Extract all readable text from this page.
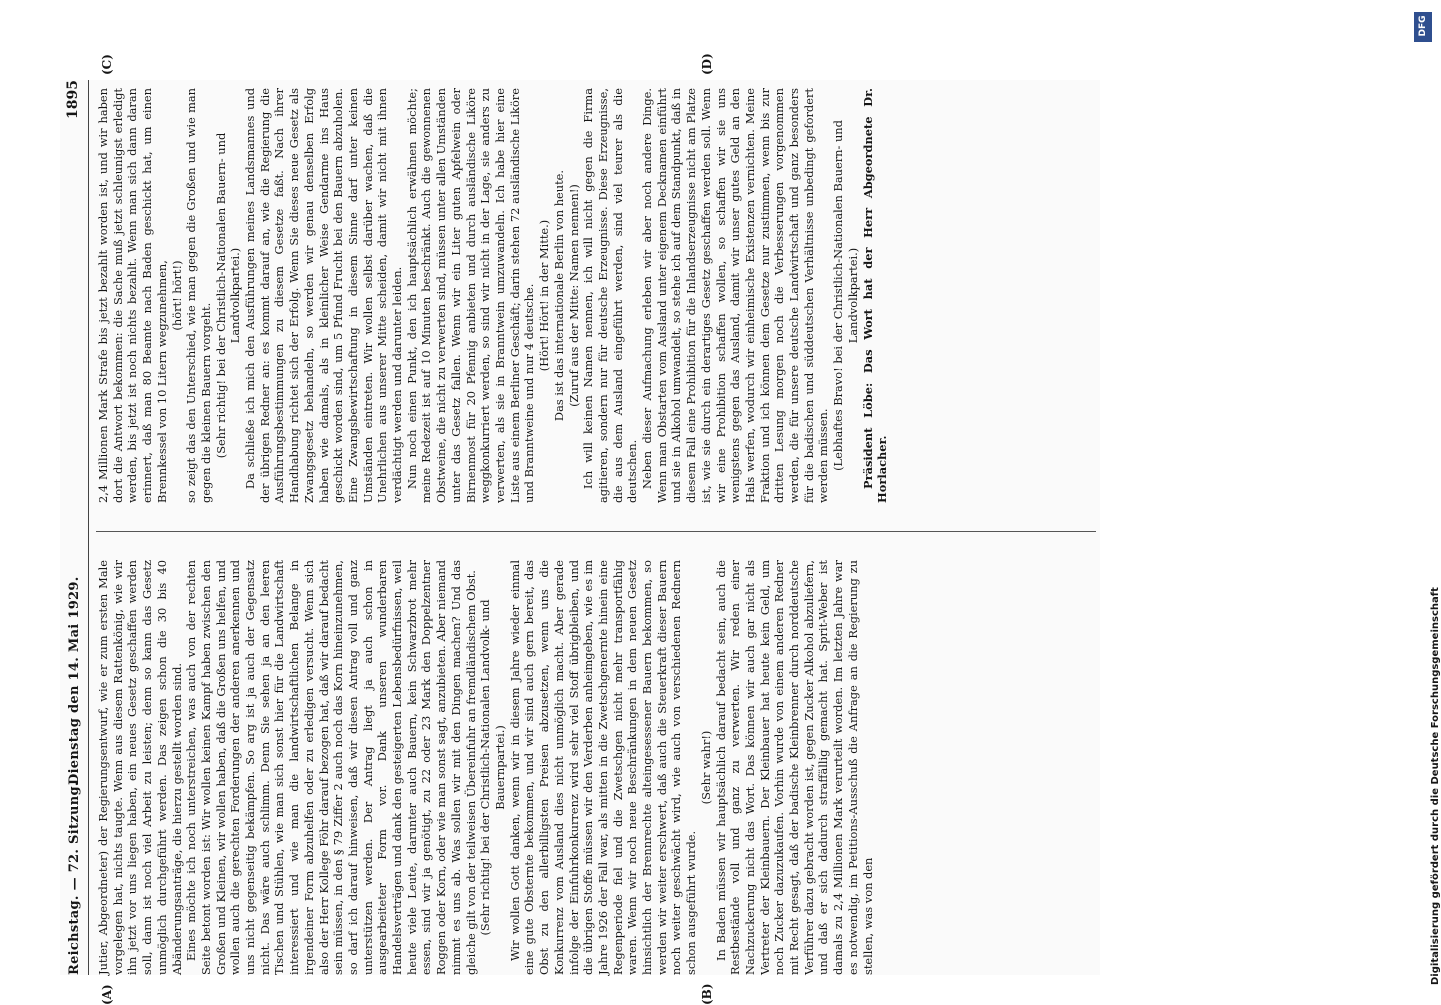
Reichstag. — 72. Sitzung.
Dienstag den 14. Mai 1929.
1895
(A)	(B)
(C)	(D)

Jutier, Abgeordneter) der Regierungsentwurf, wie er zum ersten Male vorgelegen hat, nichts taugte. Wenn aus diesem Rattenkönig, wie wir ihn jetzt vor uns liegen haben, ein neues Gesetz geschaffen werden soll, dann ist noch viel Arbeit zu leisten; denn so kann das Gesetz unmöglich durchgeführt werden. Das zeigen schon die 30 bis 40 Abänderungsanträge, die hierzu gestellt worden sind. Eines möchte ich noch unterstreichen, was auch von der rechten Seite betont worden ist: Wir wollen keinen Kampf haben zwischen den Großen und Kleinen, wir wollen haben, daß die Großen uns helfen, und wollen auch die gerechten Forderungen der anderen anerkennen und uns nicht gegenseitig bekämpfen. So arg ist ja auch der Gegensatz nicht. Das wäre auch schlimm. Denn Sie sehen ja an den leeren Tischen und Stühlen, wie man sich sonst hier für die Landwirtschaft interessiert und wie man die landwirtschaftlichen Belange in irgendeiner Form abzuhelfen oder zu erledigen versucht. Wenn sich also der Herr Kollege Föhr darauf bezogen hat, daß wir darauf bedacht sein müssen, in den § 79 Ziffer 2 auch noch das Korn hineinzunehmen, so darf ich darauf hinweisen, daß wir diesen Antrag voll und ganz unterstützen werden. Der Antrag liegt ja auch schon in ausgearbeiteter Form vor. Dank unseren wunderbaren Handelsverträgen und dank den gesteigerten Lebensbedürfnissen, weil heute viele Leute, darunter auch Bauern, kein Schwarzbrot mehr essen, sind wir ja genötigt, zu 22 oder 23 Mark den Doppelzentner Roggen oder Korn, oder wie man sonst sagt, anzubieten. Aber niemand nimmt es uns ab. Was sollen wir mit den Dingen machen? Und das gleiche gilt von der teilweisen Übereinfuhr an fremdländischem Obst. (Sehr richtig! bei der Christlich-Nationalen Landvolk- und Bauernpartei.) Wir wollen Gott danken, wenn wir in diesem Jahre wieder einmal eine gute Obsternte bekommen, und wir sind auch gern bereit, das Obst zu den allerbilligsten Preisen abzusetzen, wenn uns die Konkurrenz vom Ausland dies nicht unmöglich macht. Aber gerade infolge der Einfuhrkonkurrenz wird sehr viel Stoff übrigbleiben, und die übrigen Stoffe müssen wir den Verderben anheimgeben, wie es im Jahre 1926 der Fall war, als mitten in die Zwetschgenernte hinein eine Regenperiode fiel und die Zwetschgen nicht mehr transportfähig waren. Wenn wir noch neue Beschränkungen in dem neuen Gesetz hinsichtlich der Brennrechte alteingesessener Bauern bekommen, so werden wir weiter erschwert, daß auch die Steuerkraft dieser Bauern noch weiter geschwächt wird, wie auch von verschiedenen Rednern schon ausgeführt wurde.

(Sehr wahr!) In Baden müssen wir hauptsächlich darauf bedacht sein, auch die Restbestände voll und ganz zu verwerten. Wir reden einer Nachzuckerung nicht das Wort. Das können wir auch gar nicht als Vertreter der Kleinbauern. Der Kleinbauer hat heute kein Geld, um noch Zucker dazuzukaufen. Vorhin wurde von einem anderen Redner mit Recht gesagt, daß der badische Kleinbrenner durch norddeutsche Verführer dazu gebracht worden ist, gegen Zucker Alkohol abzuliefern, und daß er sich dadurch straffällig gemacht hat. Sprit-Weber ist damals zu 2,4 Millionen Mark verurteilt worden. Im letzten Jahre war es notwendig, im Petitions-Ausschuß die Anfrage an die Regierung zu stellen, was von den

2,4 Millionen Mark Strafe bis jetzt bezahlt worden ist, und wir haben dort die Antwort bekommen: die Sache muß jetzt schleunigst erledigt werden, bis jetzt ist noch nichts bezahlt. Wenn man sich dann daran erinnert, daß man 80 Beamte nach Baden geschickt hat, um einen Brennkessel von 10 Litern wegzunehmen, (hört! hört!) so zeigt das den Unterschied, wie man gegen die Großen und wie man gegen die kleinen Bauern vorgeht. (Sehr richtig! bei der Christlich-Nationalen Bauern- und Landvolkpartei.) Da schließe ich mich den Ausführungen meines Landsmannes und der übrigen Redner an: es kommt darauf an, wie die Regierung die Ausführungsbestimmungen zu diesem Gesetze faßt. Nach ihrer Handhabung richtet sich der Erfolg. Wenn Sie dieses neue Gesetz als Zwangsgesetz behandeln, so werden wir genau denselben Erfolg haben wie damals, als in kleinlicher Weise Gendarme ins Haus geschickt worden sind, um 5 Pfund Frucht bei den Bauern abzuholen. Eine Zwangsbewirtschaftung in diesem Sinne darf unter keinen Umständen eintreten. Wir wollen selbst darüber wachen, daß die Unehrlichen aus unserer Mitte scheiden, damit wir nicht mit ihnen verdächtigt werden und darunter leiden. Nun noch einen Punkt, den ich hauptsächlich erwähnen möchte; meine Redezeit ist auf 10 Minuten beschränkt. Auch die gewonnenen Obstweine, die nicht zu verwerten sind, müssen unter allen Umständen unter das Gesetz fallen. Wenn wir ein Liter guten Apfelwein oder Birnenmost für 20 Pfennig anbieten und durch ausländische Liköre weggkonkurriert werden, so sind wir nicht in der Lage, sie anders zu verwerten, als sie in Branntwein umzuwandeln. Ich habe hier eine Liste aus einem Berliner Geschäft; darin stehen 72 ausländische Liköre und Branntweine und nur 4 deutsche. (Hört! Hört! in der Mitte.) Das ist das internationale Berlin von heute. (Zuruf aus der Mitte: Namen nennen!) Ich will keinen Namen nennen, ich will nicht gegen die Firma agitieren, sondern nur für deutsche Erzeugnisse. Diese Erzeugnisse, die aus dem Ausland eingeführt werden, sind viel teurer als die deutschen. Neben dieser Aufmachung erleben wir aber noch andere Dinge. Wenn man Obstarten vom Ausland unter eigenem Decknamen einführt und sie in Alkohol umwandelt, so stehe ich auf dem Standpunkt, daß in diesem Fall eine Prohibition für die Inlandserzeugnisse nicht am Platze ist, wie sie durch ein derartiges Gesetz geschaffen werden soll. Wenn wir eine Prohibition schaffen wollen, so schaffen wir sie uns wenigstens gegen das Ausland, damit wir unser gutes Geld an den Hals werfen, wodurch wir einheimische Existenzen vernichten. Meine Fraktion und ich können dem Gesetze nur zustimmen, wenn bis zur dritten Lesung morgen noch die Verbesserungen vorgenommen werden, die für unsere deutsche Landwirtschaft und ganz besonders für die badischen und süddeutschen Verhältnisse unbedingt gefordert werden müssen. (Lebhaftes Bravo! bei der Christlich-Nationalen Bauern- und Landvolkpartei.) Präsident Löbe: Das Wort hat der Herr Abgeordnete Dr. Horlacher.

DFG
Digitalisierung gefördert durch die Deutsche Forschungsgemeinschaft
